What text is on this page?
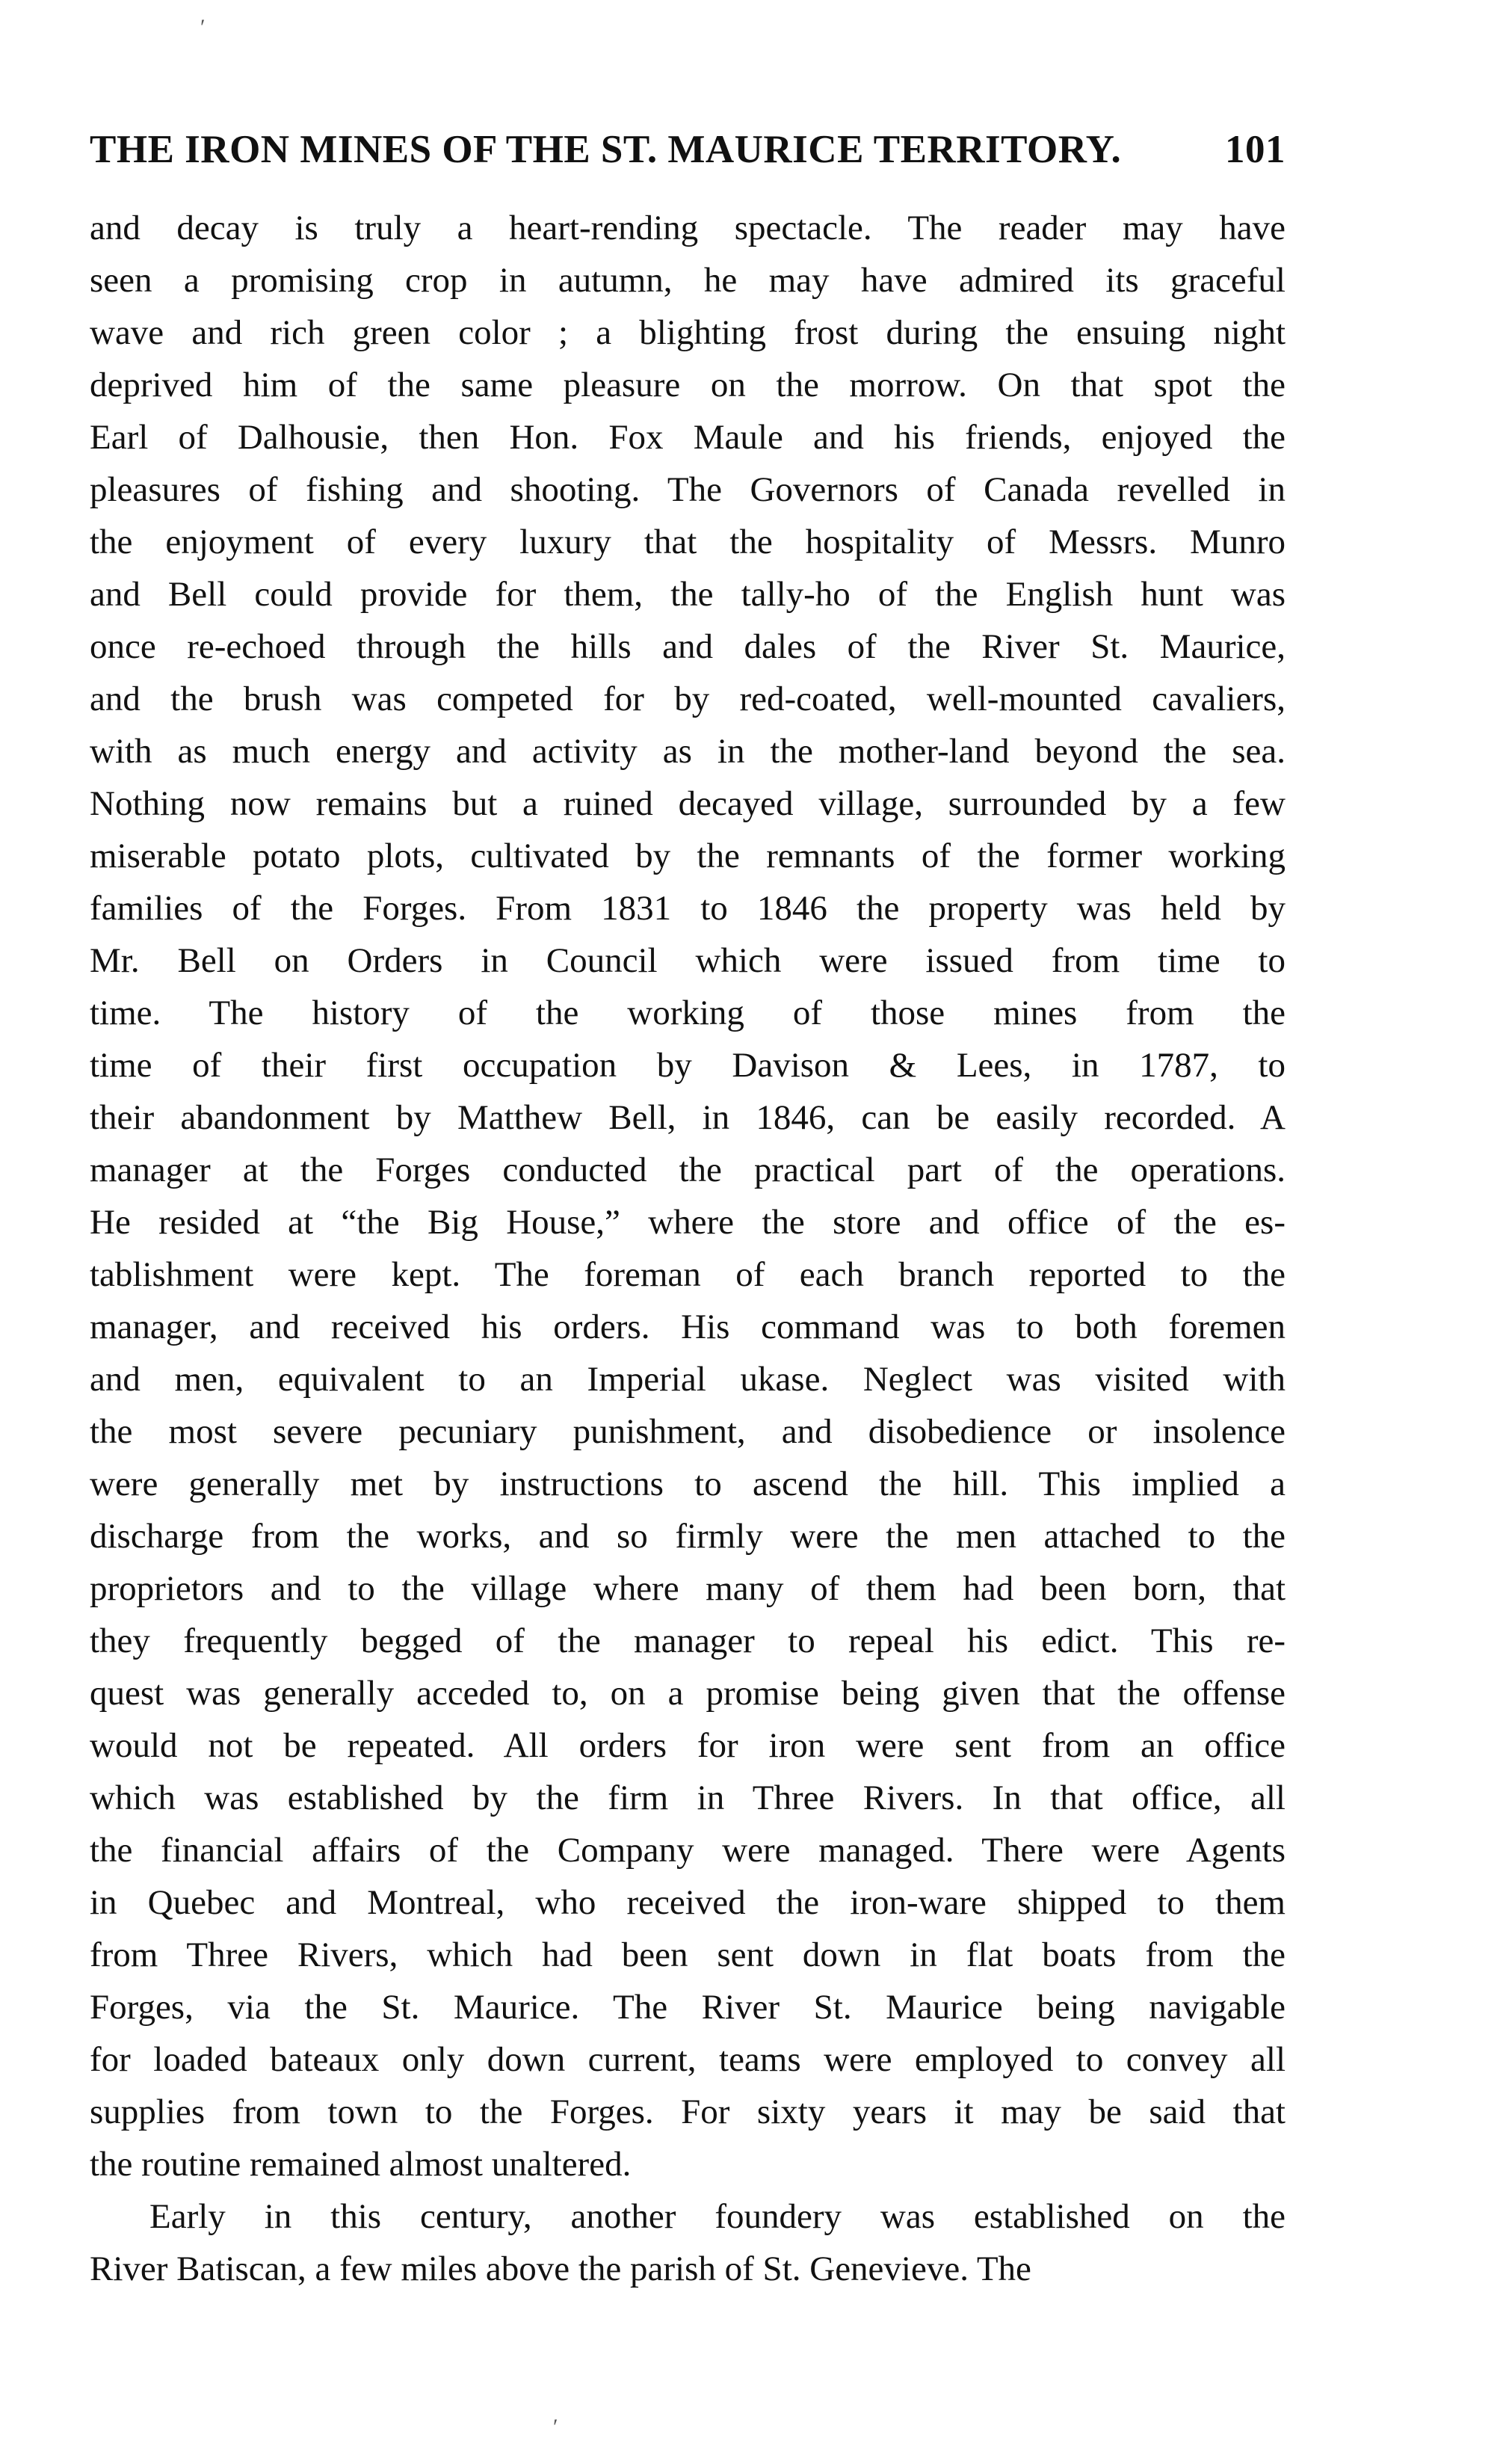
THE IRON MINES OF THE ST. MAURICE TERRITORY.	101
and decay is truly a heart-rending spectacle. The reader may have
seen a promising crop in autumn, he may have admired its graceful
wave and rich green color ; a blighting frost during the ensuing night
deprived him of the same pleasure on the morrow. On that spot the
Earl of Dalhousie, then Hon. Fox Maule and his friends, enjoyed the
pleasures of fishing and shooting. The Governors of Canada revelled in
the enjoyment of every luxury that the hospitality of Messrs. Munro
and Bell could provide for them, the tally-ho of the English hunt was
once re-echoed through the hills and dales of the River St. Maurice,
and the brush was competed for by red-coated, well-mounted cavaliers,
with as much energy and activity as in the mother-land beyond the sea.
Nothing now remains but a ruined decayed village, surrounded by a few
miserable potato plots, cultivated by the remnants of the former working
families of the Forges. From 1831 to 1846 the property was held by
Mr. Bell on Orders in Council which were issued from time to
time. The history of the working of those mines from the
time of their first occupation by Davison & Lees, in 1787, to
their abandonment by Matthew Bell, in 1846, can be easily recorded. A
manager at the Forges conducted the practical part of the operations.
He resided at “the Big House,” where the store and office of the es-
tablishment were kept. The foreman of each branch reported to the
manager, and received his orders. His command was to both foremen
and men, equivalent to an Imperial ukase. Neglect was visited with
the most severe pecuniary punishment, and disobedience or insolence
were generally met by instructions to ascend the hill. This implied a
discharge from the works, and so firmly were the men attached to the
proprietors and to the village where many of them had been born, that
they frequently begged of the manager to repeal his edict. This re-
quest was generally acceded to, on a promise being given that the offense
would not be repeated. All orders for iron were sent from an office
which was established by the firm in Three Rivers. In that office, all
the financial affairs of the Company were managed. There were Agents
in Quebec and Montreal, who received the iron-ware shipped to them
from Three Rivers, which had been sent down in flat boats from the
Forges, via the St. Maurice. The River St. Maurice being navigable
for loaded bateaux only down current, teams were employed to convey all
supplies from town to the Forges. For sixty years it may be said that
the routine remained almost unaltered.
Early in this century, another foundery was established on the
River Batiscan, a few miles above the parish of St. Genevieve. The
ʹ
ʹ
